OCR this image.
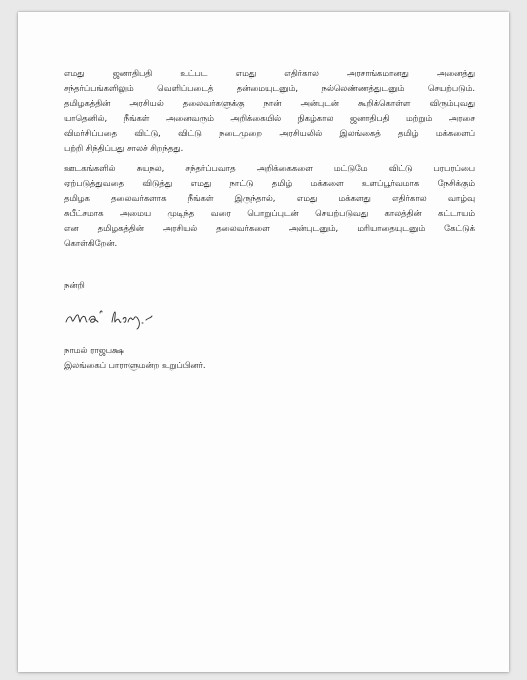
எமது ஜனாதிபதி உட்பட எமது எதிர்கால அரசாங்கமானது அனைத்து
சந்தர்ப்பங்களிலும் வெளிப்படைத் தன்மையுடனும், நல்லெண்ணத்துடனும் செயற்படும்.
தமிழகத்தின் அரசியல் தலைவர்களுக்கு நான் அன்புடன் கூறிக்கொள்ள விரும்புவது
யாதெனில், நீங்கள் அனைவரும் அறிக்கையில் நிகழ்கால ஜனாதிபதி மற்றும் அரசை
விமர்சிப்பதை விட்டு, விட்டு நடைமுறை அரசியலில் இலங்கைத் தமிழ் மக்களைப்
பற்றி சிந்திப்பது சாலச் சிறந்தது.
ஊடகங்களில் சுயநல, சந்தர்ப்பவாத அறிக்கைகளை மட்டுமே விட்டு பரபரப்பை
ஏற்படுத்துவதை விடுத்து எமது நாட்டு தமிழ் மக்களை உளப்பூர்வமாக நேசிக்கும்
தமிழக தலைவர்களாக நீங்கள் இருந்தால், எமது மக்களது எதிர்கால வாழ்வு
சுபீட்சமாக அமைய முடிந்த வரை பொறுப்புடன் செயற்படுவது காலத்தின் கட்டாயம்
என தமிழகத்தின் அரசியல் தலைவர்களை அன்புடனும், மரியாதையுடனும் கேட்டுக்
கொள்கிறேன்.
நன்றி
நாமல் ராஜபக்ஷ
இலங்கைப் பாராளுமன்ற உறுப்பினர்.
